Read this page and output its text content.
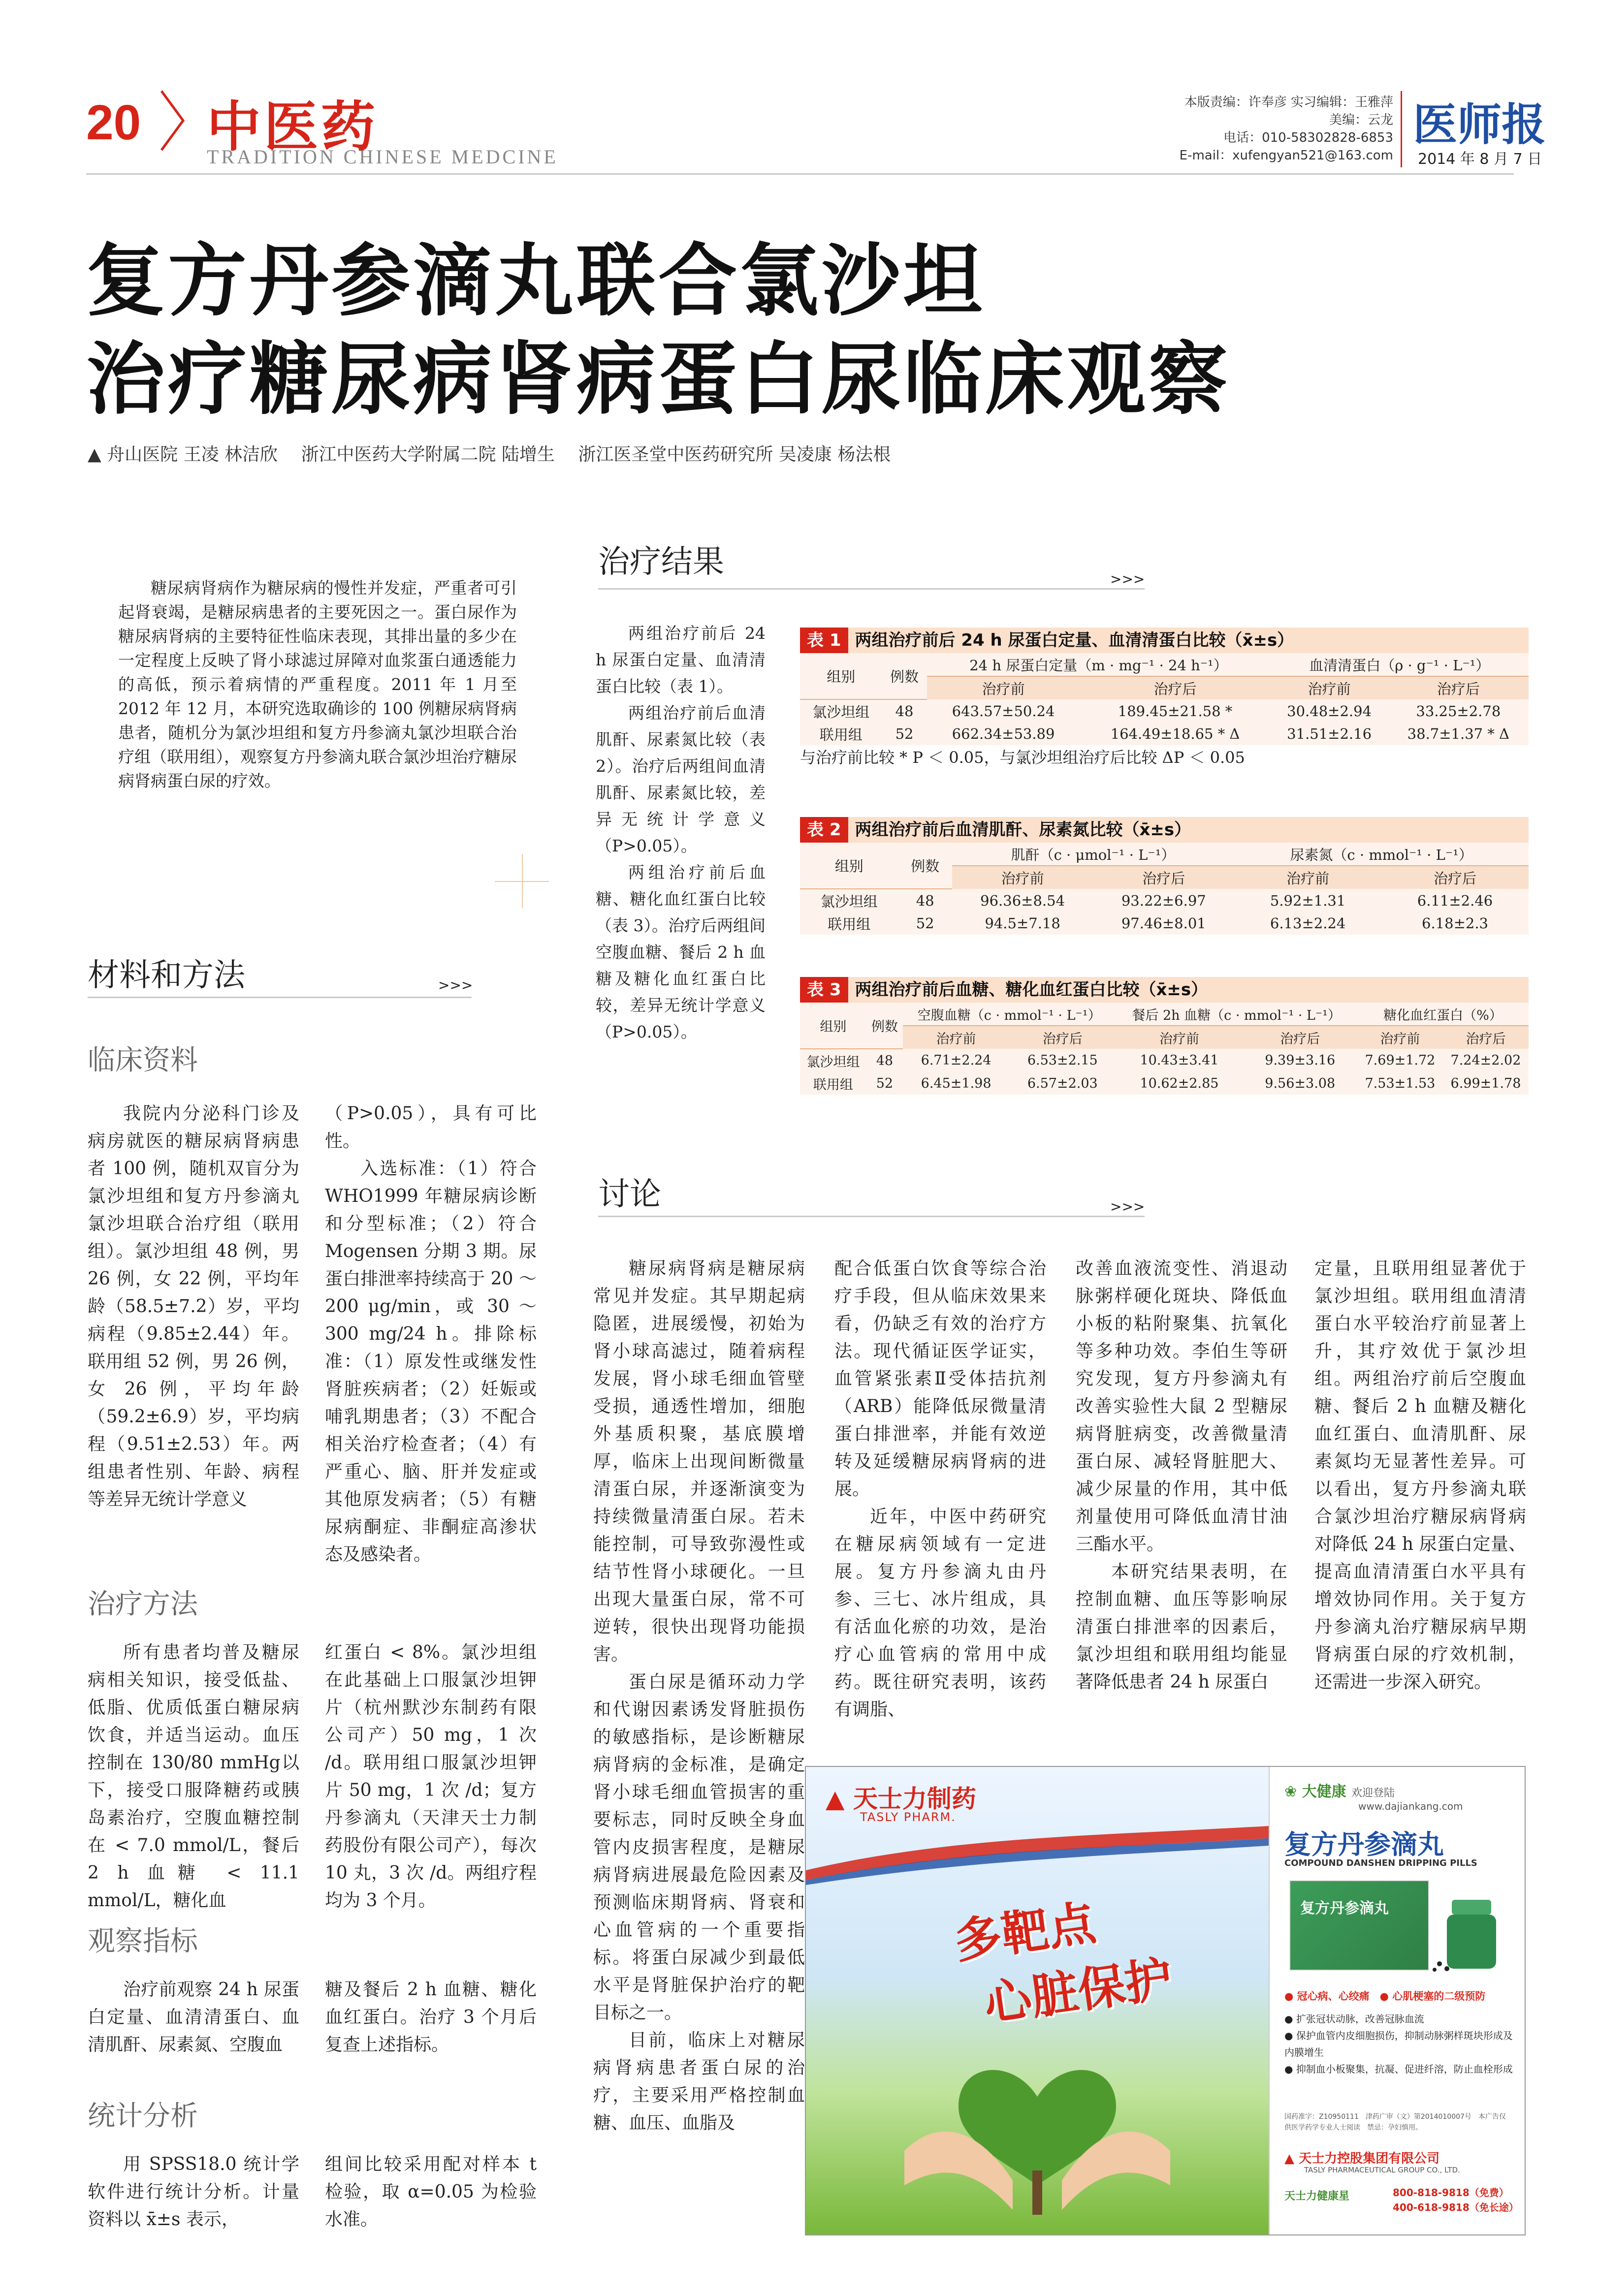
20 中医药
TRADITION CHINESE MEDCINE
本版责编：许奉彦 实习编辑：王雅萍
美编：云龙
电话：010-58302828-6853
E-mail：xufengyan521@163.com
医师报
2014 年 8 月 7 日
复方丹参滴丸联合氯沙坦
治疗糖尿病肾病蛋白尿临床观察
▲ 舟山医院 王凌 林洁欣　 浙江中医药大学附属二院 陆增生　 浙江医圣堂中医药研究所 吴凌康 杨法根
糖尿病肾病作为糖尿病的慢性并发症，严重者可引起肾衰竭，是糖尿病患者的主要死因之一。蛋白尿作为糖尿病肾病的主要特征性临床表现，其排出量的多少在一定程度上反映了肾小球滤过屏障对血浆蛋白通透能力的高低，预示着病情的严重程度。2011 年 1 月至 2012 年 12 月，本研究选取确诊的 100 例糖尿病肾病患者，随机分为氯沙坦组和复方丹参滴丸氯沙坦联合治疗组（联用组），观察复方丹参滴丸联合氯沙坦治疗糖尿病肾病蛋白尿的疗效。
材料和方法	>>>
临床资料

我院内分泌科门诊及病房就医的糖尿病肾病患者 100 例，随机双盲分为氯沙坦组和复方丹参滴丸氯沙坦联合治疗组（联用组）。氯沙坦组 48 例，男 26 例，女 22 例，平均年龄（58.5±7.2）岁，平均病程（9.85±2.44）年。联用组 52 例，男 26 例，女 26 例，平均年龄（59.2±6.9）岁，平均病程（9.51±2.53）年。两组患者性别、年龄、病程等差异无统计学意义

（P>0.05），具有可比性。

入选标准：（1）符合 WHO1999 年糖尿病诊断和分型标准；（2）符合 Mogensen 分期 3 期。尿蛋白排泄率持续高于 20 ～ 200 μg/min，或 30 ～ 300 mg/24 h。排除标准：（1）原发性或继发性肾脏疾病者；（2）妊娠或哺乳期患者；（3）不配合相关治疗检查者；（4）有严重心、脑、肝并发症或其他原发病者；（5）有糖尿病酮症、非酮症高渗状态及感染者。

治疗方法

所有患者均普及糖尿病相关知识，接受低盐、低脂、优质低蛋白糖尿病饮食，并适当运动。血压控制在 130/80 mmHg以下，接受口服降糖药或胰岛素治疗，空腹血糖控制在 < 7.0 mmol/L，餐后 2 h 血糖 < 11.1 mmol/L，糖化血

红蛋白 < 8%。氯沙坦组在此基础上口服氯沙坦钾片（杭州默沙东制药有限公司产）50 mg，1 次 /d。联用组口服氯沙坦钾片 50 mg，1 次 /d；复方丹参滴丸（天津天士力制药股份有限公司产），每次 10 丸，3 次 /d。两组疗程均为 3 个月。
观察指标

治疗前观察 24 h 尿蛋白定量、血清清蛋白、血清肌酐、尿素氮、空腹血

糖及餐后 2 h 血糖、糖化血红蛋白。治疗 3 个月后复查上述指标。
统计分析

用 SPSS18.0 统计学软件进行统计分析。计量资料以 x̄±s 表示，

组间比较采用配对样本 t 检验，取 α=0.05 为检验水准。
治疗结果	>>>

两组治疗前后 24 h 尿蛋白定量、血清清蛋白比较（表 1）。

两组治疗前后血清肌酐、尿素氮比较（表 2）。治疗后两组间血清肌酐、尿素氮比较，差异无统计学意义（P>0.05）。

两组治疗前后血糖、糖化血红蛋白比较（表 3）。治疗后两组间空腹血糖、餐后 2 h 血糖及糖化血红蛋白比较，差异无统计学意义（P>0.05）。

表 1 两组治疗前后 24 h 尿蛋白定量、血清清蛋白比较（x̄±s）
组别	例数	24 h 尿蛋白定量（m · mg⁻¹ · 24 h⁻¹）		血清清蛋白（ρ · g⁻¹ · L⁻¹）	
		治疗前	治疗后	治疗前	治疗后
氯沙坦组	48	643.57±50.24	189.45±21.58 *	30.48±2.94	33.25±2.78
联用组	52	662.34±53.89	164.49±18.65 * Δ	31.51±2.16	38.7±1.37 * Δ
与治疗前比较 * P ＜ 0.05，与氯沙坦组治疗后比较 ΔP ＜ 0.05
表 2 两组治疗前后血清肌酐、尿素氮比较（x̄±s）
组别	例数	肌酐（c · μmol⁻¹ · L⁻¹）		尿素氮（c · mmol⁻¹ · L⁻¹）	
		治疗前	治疗后	治疗前	治疗后
氯沙坦组	48	96.36±8.54	93.22±6.97	5.92±1.31	6.11±2.46
联用组	52	94.5±7.18	97.46±8.01	6.13±2.24	6.18±2.3
表 3 两组治疗前后血糖、糖化血红蛋白比较（x̄±s）
组别	例数	空腹血糖（c · mmol⁻¹ · L⁻¹）		餐后 2h 血糖（c · mmol⁻¹ · L⁻¹）		糖化血红蛋白（%）	
		治疗前	治疗后	治疗前	治疗后	治疗前	治疗后
氯沙坦组	48	6.71±2.24	6.53±2.15	10.43±3.41	9.39±3.16	7.69±1.72	7.24±2.02
联用组	52	6.45±1.98	6.57±2.03	10.62±2.85	9.56±3.08	7.53±1.53	6.99±1.78
讨论	>>>

糖尿病肾病是糖尿病常见并发症。其早期起病隐匿，进展缓慢，初始为肾小球高滤过，随着病程发展，肾小球毛细血管壁受损，通透性增加，细胞外基质积聚，基底膜增厚，临床上出现间断微量清蛋白尿，并逐渐演变为持续微量清蛋白尿。若未能控制，可导致弥漫性或结节性肾小球硬化。一旦出现大量蛋白尿，常不可逆转，很快出现肾功能损害。

蛋白尿是循环动力学和代谢因素诱发肾脏损伤的敏感指标，是诊断糖尿病肾病的金标准，是确定肾小球毛细血管损害的重要标志，同时反映全身血管内皮损害程度，是糖尿病肾病进展最危险因素及预测临床期肾病、肾衰和心血管病的一个重要指标。将蛋白尿减少到最低水平是肾脏保护治疗的靶目标之一。

目前，临床上对糖尿病肾病患者蛋白尿的治疗，主要采用严格控制血糖、血压、血脂及

配合低蛋白饮食等综合治疗手段，但从临床效果来看，仍缺乏有效的治疗方法。现代循证医学证实，血管紧张素Ⅱ受体拮抗剂（ARB）能降低尿微量清蛋白排泄率，并能有效逆转及延缓糖尿病肾病的进展。

近年，中医中药研究在糖尿病领域有一定进展。复方丹参滴丸由丹参、三七、冰片组成，具有活血化瘀的功效，是治疗心血管病的常用中成药。既往研究表明，该药有调脂、

改善血液流变性、消退动脉粥样硬化斑块、降低血小板的粘附聚集、抗氧化等多种功效。李伯生等研究发现，复方丹参滴丸有改善实验性大鼠 2 型糖尿病肾脏病变，改善微量清蛋白尿、减轻肾脏肥大、减少尿量的作用，其中低剂量使用可降低血清甘油三酯水平。

本研究结果表明，在控制血糖、血压等影响尿清蛋白排泄率的因素后，氯沙坦组和联用组均能显著降低患者 24 h 尿蛋白

定量，且联用组显著优于氯沙坦组。联用组血清清蛋白水平较治疗前显著上升，其疗效优于氯沙坦组。两组治疗前后空腹血糖、餐后 2 h 血糖及糖化血红蛋白、血清肌酐、尿素氮均无显著性差异。可以看出，复方丹参滴丸联合氯沙坦治疗糖尿病肾病对降低 24 h 尿蛋白定量、提高血清清蛋白水平具有增效协同作用。关于复方丹参滴丸治疗糖尿病早期肾病蛋白尿的疗效机制，还需进一步深入研究。
▲ 天士力制药
TASLY PHARM.
多靶点
心脏保护
❀ 大健康 欢迎登陆
www.dajiankang.com
复方丹参滴丸
COMPOUND DANSHEN DRIPPING PILLS
复方丹参滴丸
● 冠心病、心绞痛　● 心肌梗塞的二级预防
● 扩张冠状动脉，改善冠脉血流
● 保护血管内皮细胞损伤，抑制动脉粥样斑块形成及内膜增生
● 抑制血小板聚集，抗凝、促进纤溶，防止血栓形成
国药准字：Z10950111　津药广审（文）第2014010007号　本广告仅供医学药学专业人士阅读　禁忌：孕妇慎用。
▲ 天士力控股集团有限公司
TASLY PHARMACEUTICAL GROUP CO., LTD.
天士力健康星	800-818-9818（免费）
400-618-9818（免长途）
